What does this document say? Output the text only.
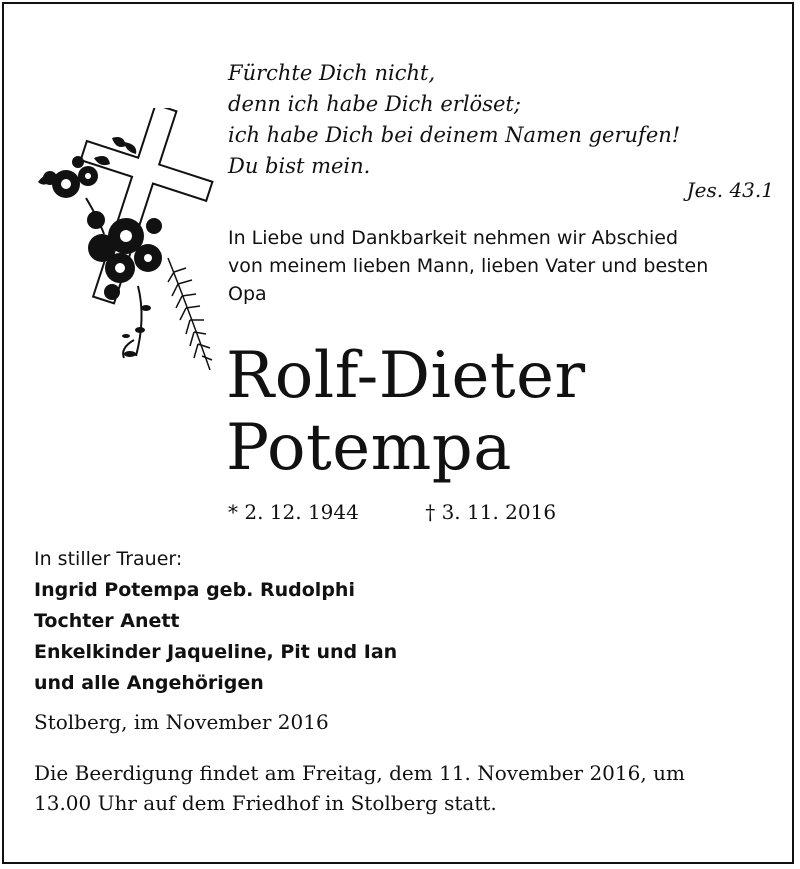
Fürchte Dich nicht,
denn ich habe Dich erlöset;
ich habe Dich bei deinem Namen gerufen!
Du bist mein.
Jes. 43.1
In Liebe und Dankbarkeit nehmen wir Abschied
von meinem lieben Mann, lieben Vater und besten
Opa
Rolf-Dieter
Potempa
* 2. 12. 1944	† 3. 11. 2016
In stiller Trauer:
Ingrid Potempa geb. Rudolphi
Tochter Anett
Enkelkinder Jaqueline, Pit und Ian
und alle Angehörigen
Stolberg, im November 2016
Die Beerdigung findet am Freitag, dem 11. November 2016, um
13.00 Uhr auf dem Friedhof in Stolberg statt.
